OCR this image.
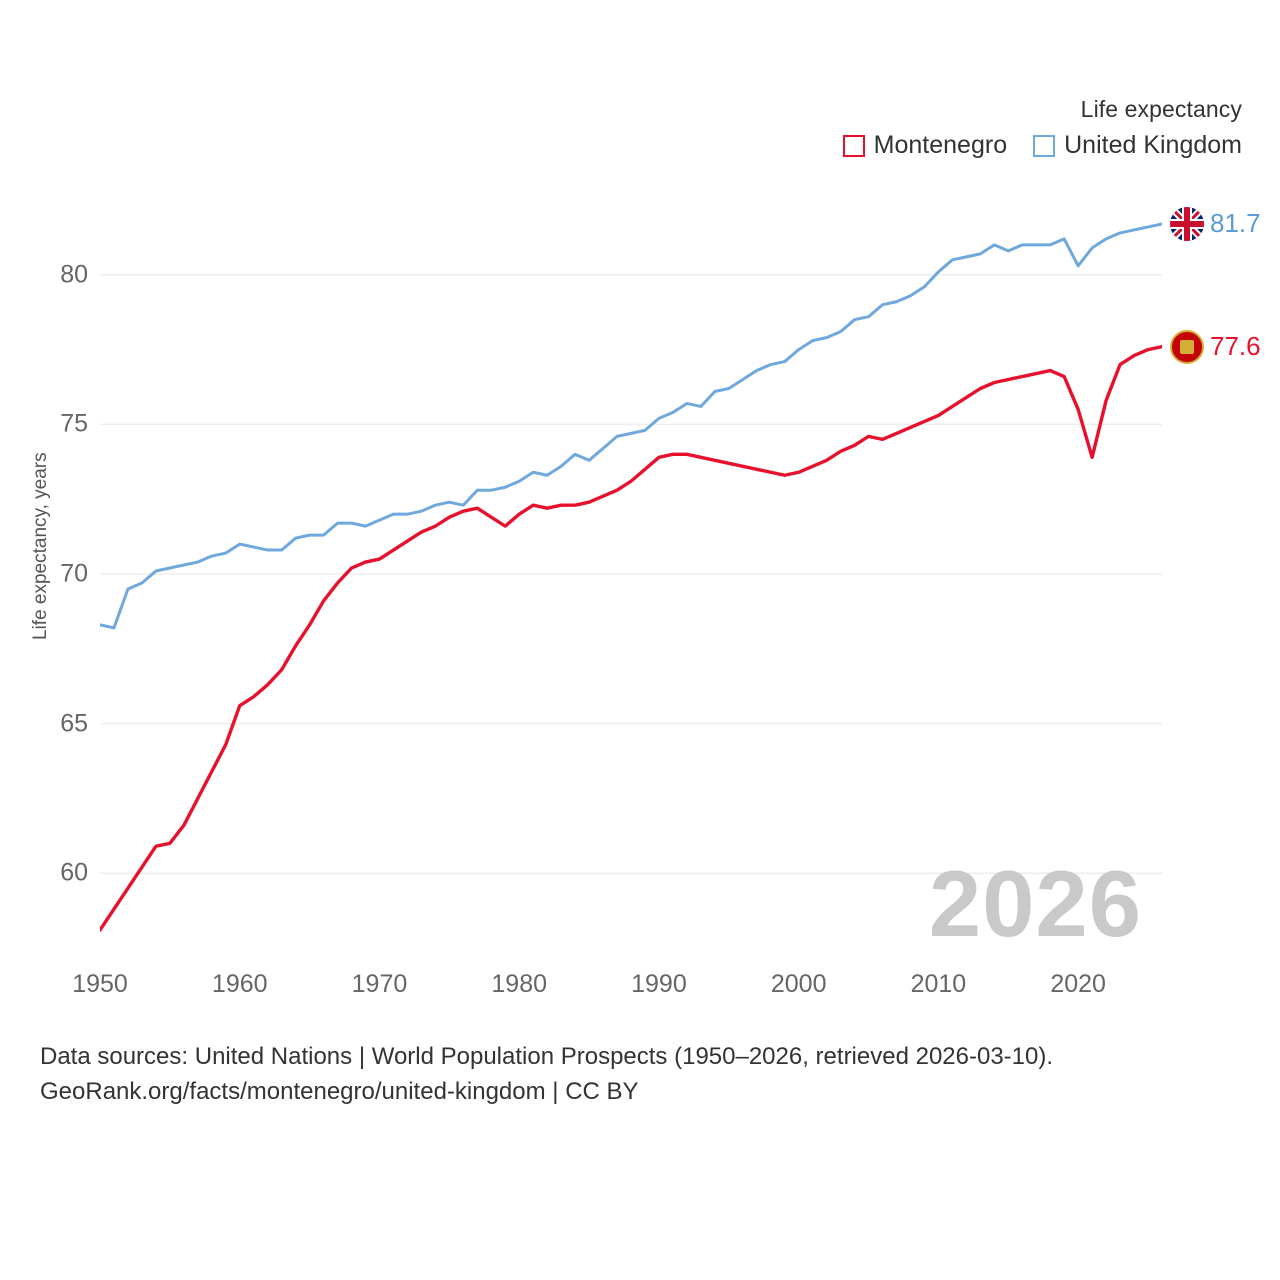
Life expectancy
Montenegro United Kingdom
Life expectancy, years
60
65
70
75
80
1950	1960	1970	1980	1990	2000	2010	2020
2026
81.7
77.6
Data sources: United Nations | World Population Prospects (1950–2026, retrieved 2026-03-10).
GeoRank.org/facts/montenegro/united-kingdom | CC BY
